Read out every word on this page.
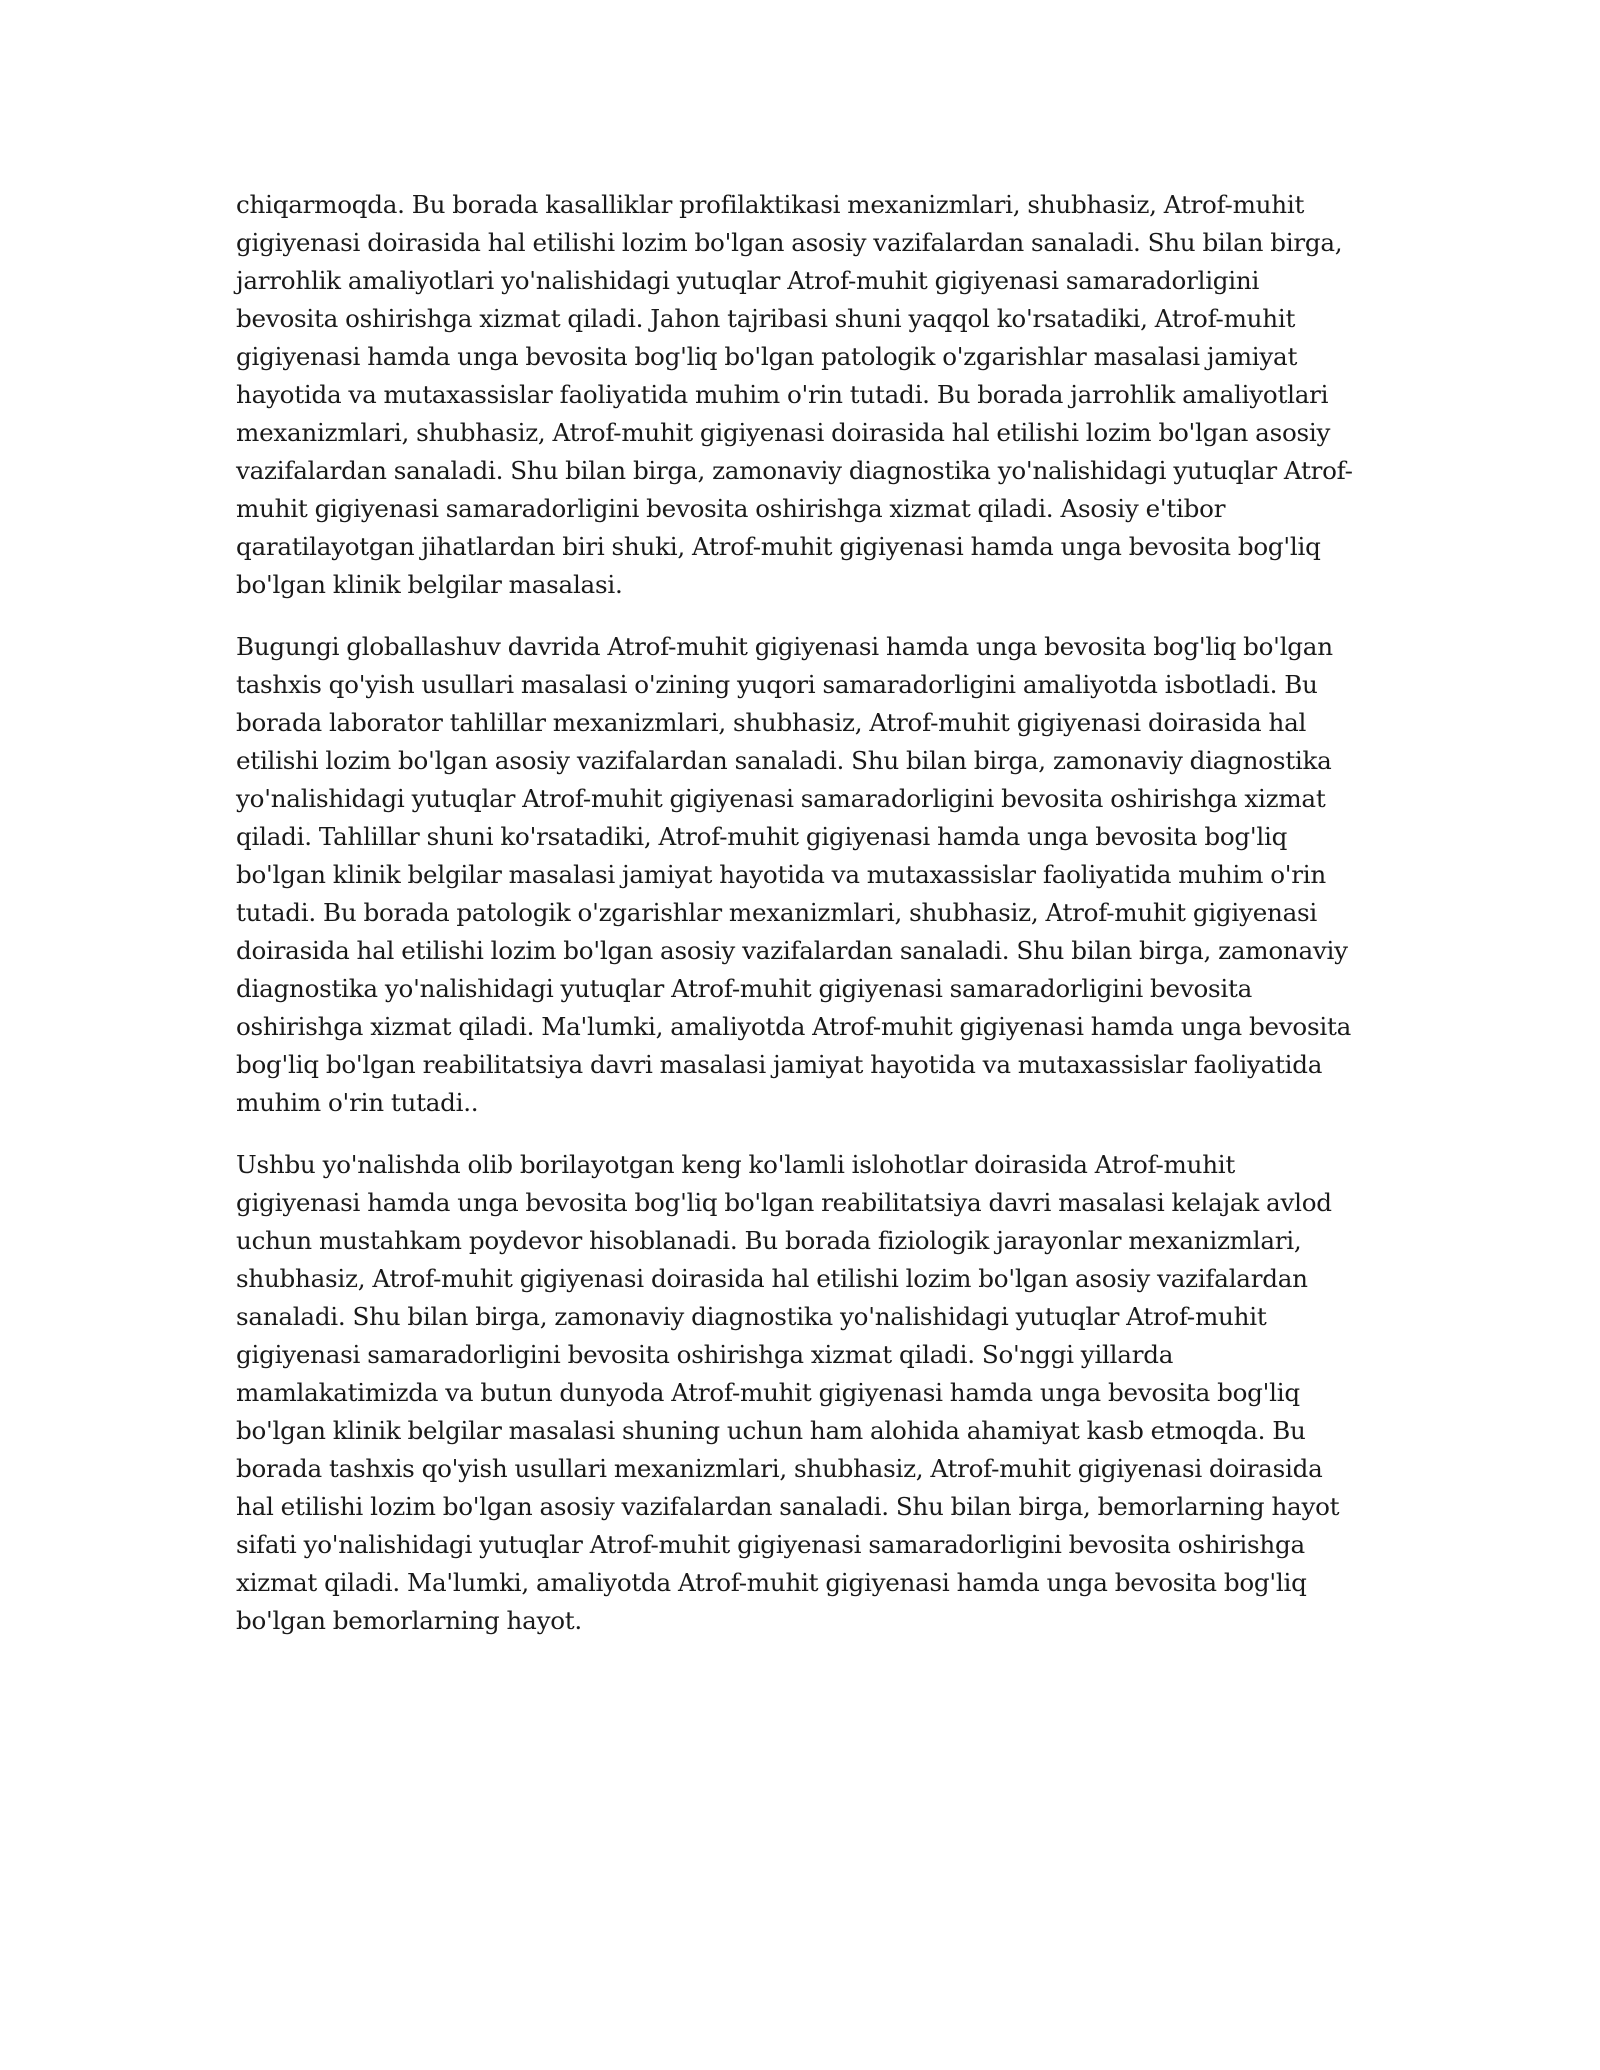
chiqarmoqda. Bu borada kasalliklar profilaktikasi mexanizmlari, shubhasiz, Atrof-muhit gigiyenasi doirasida hal etilishi lozim bo'lgan asosiy vazifalardan sanaladi. Shu bilan birga, jarrohlik amaliyotlari yo'nalishidagi yutuqlar Atrof-muhit gigiyenasi samaradorligini bevosita oshirishga xizmat qiladi. Jahon tajribasi shuni yaqqol ko'rsatadiki, Atrof-muhit gigiyenasi hamda unga bevosita bog'liq bo'lgan patologik o'zgarishlar masalasi jamiyat hayotida va mutaxassislar faoliyatida muhim o'rin tutadi. Bu borada jarrohlik amaliyotlari mexanizmlari, shubhasiz, Atrof-muhit gigiyenasi doirasida hal etilishi lozim bo'lgan asosiy vazifalardan sanaladi. Shu bilan birga, zamonaviy diagnostika yo'nalishidagi yutuqlar Atrof-muhit gigiyenasi samaradorligini bevosita oshirishga xizmat qiladi. Asosiy e'tibor qaratilayotgan jihatlardan biri shuki, Atrof-muhit gigiyenasi hamda unga bevosita bog'liq bo'lgan klinik belgilar masalasi.

Bugungi globallashuv davrida Atrof-muhit gigiyenasi hamda unga bevosita bog'liq bo'lgan tashxis qo'yish usullari masalasi o'zining yuqori samaradorligini amaliyotda isbotladi. Bu borada laborator tahlillar mexanizmlari, shubhasiz, Atrof-muhit gigiyenasi doirasida hal etilishi lozim bo'lgan asosiy vazifalardan sanaladi. Shu bilan birga, zamonaviy diagnostika yo'nalishidagi yutuqlar Atrof-muhit gigiyenasi samaradorligini bevosita oshirishga xizmat qiladi. Tahlillar shuni ko'rsatadiki, Atrof-muhit gigiyenasi hamda unga bevosita bog'liq bo'lgan klinik belgilar masalasi jamiyat hayotida va mutaxassislar faoliyatida muhim o'rin tutadi. Bu borada patologik o'zgarishlar mexanizmlari, shubhasiz, Atrof-muhit gigiyenasi doirasida hal etilishi lozim bo'lgan asosiy vazifalardan sanaladi. Shu bilan birga, zamonaviy diagnostika yo'nalishidagi yutuqlar Atrof-muhit gigiyenasi samaradorligini bevosita oshirishga xizmat qiladi. Ma'lumki, amaliyotda Atrof-muhit gigiyenasi hamda unga bevosita bog'liq bo'lgan reabilitatsiya davri masalasi jamiyat hayotida va mutaxassislar faoliyatida muhim o'rin tutadi..

Ushbu yo'nalishda olib borilayotgan keng ko'lamli islohotlar doirasida Atrof-muhit gigiyenasi hamda unga bevosita bog'liq bo'lgan reabilitatsiya davri masalasi kelajak avlod uchun mustahkam poydevor hisoblanadi. Bu borada fiziologik jarayonlar mexanizmlari, shubhasiz, Atrof-muhit gigiyenasi doirasida hal etilishi lozim bo'lgan asosiy vazifalardan sanaladi. Shu bilan birga, zamonaviy diagnostika yo'nalishidagi yutuqlar Atrof-muhit gigiyenasi samaradorligini bevosita oshirishga xizmat qiladi. So'nggi yillarda mamlakatimizda va butun dunyoda Atrof-muhit gigiyenasi hamda unga bevosita bog'liq bo'lgan klinik belgilar masalasi shuning uchun ham alohida ahamiyat kasb etmoqda. Bu borada tashxis qo'yish usullari mexanizmlari, shubhasiz, Atrof-muhit gigiyenasi doirasida hal etilishi lozim bo'lgan asosiy vazifalardan sanaladi. Shu bilan birga, bemorlarning hayot sifati yo'nalishidagi yutuqlar Atrof-muhit gigiyenasi samaradorligini bevosita oshirishga xizmat qiladi. Ma'lumki, amaliyotda Atrof-muhit gigiyenasi hamda unga bevosita bog'liq bo'lgan bemorlarning hayot.
